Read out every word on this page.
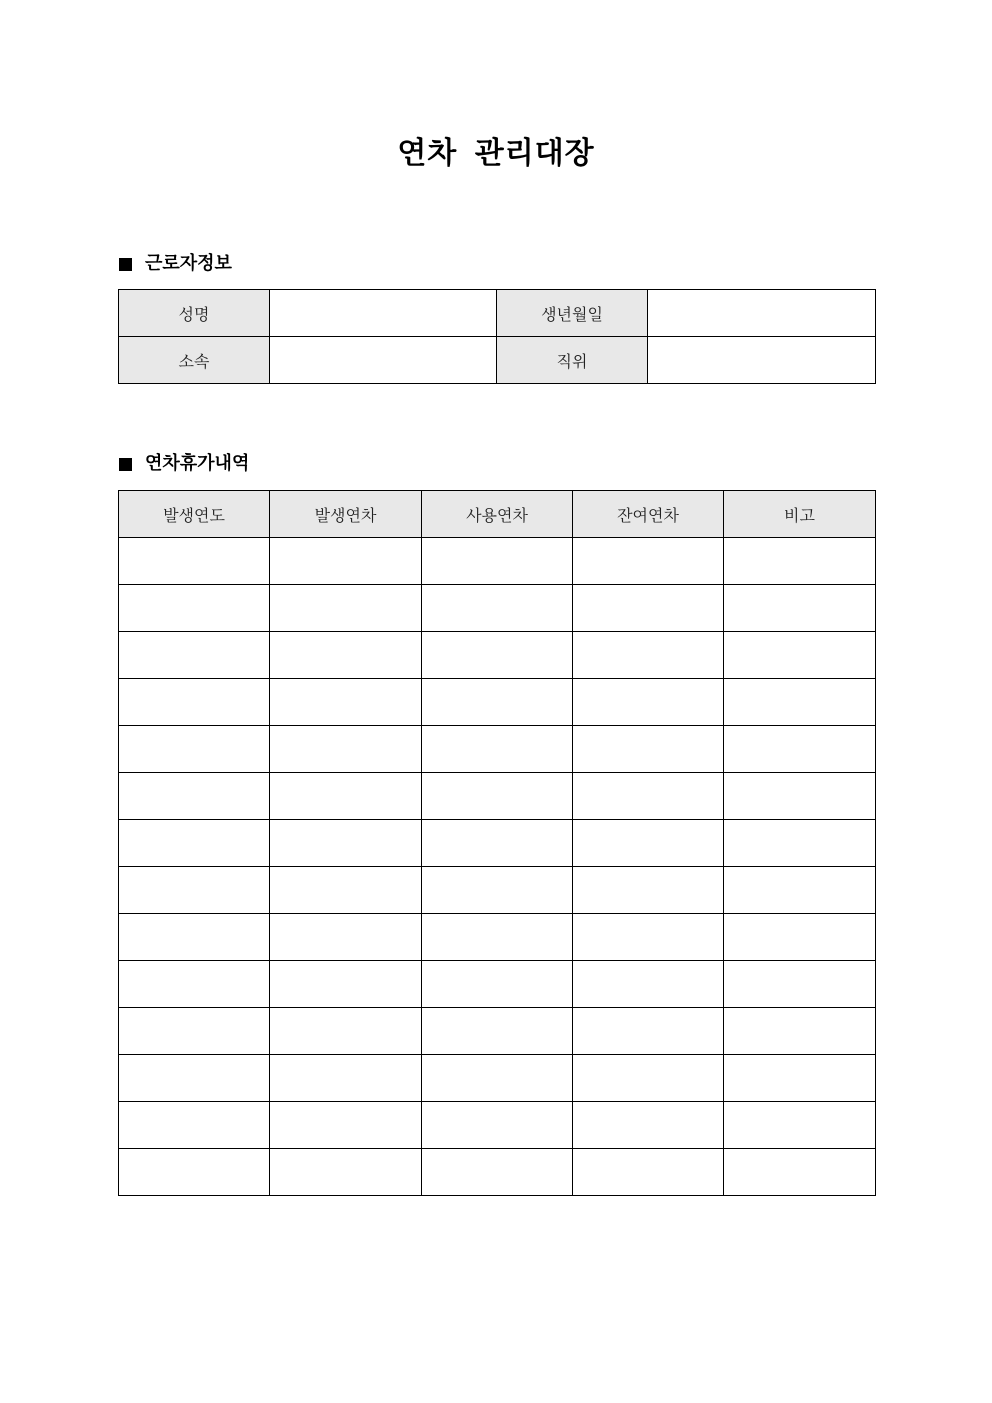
연차 관리대장
근로자정보
성명		생년월일	
소속		직위	
연차휴가내역
발생연도	발생연차	사용연차	잔여연차	비고
